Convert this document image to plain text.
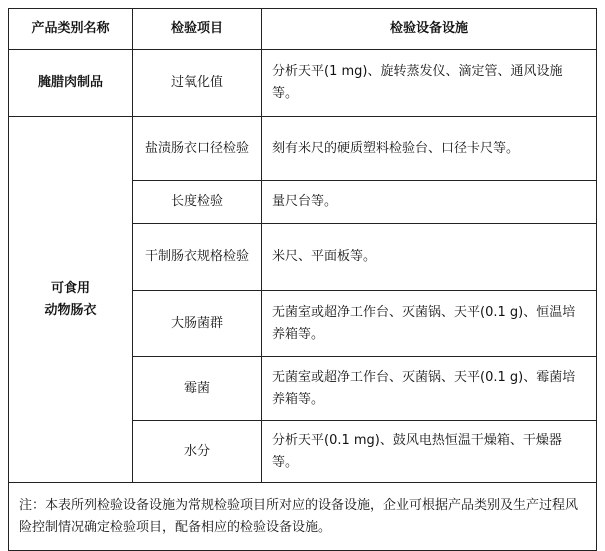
产品类别名称	检验项目	检验设备设施
腌腊肉制品	过氧化值	分析天平(1 mg)、旋转蒸发仪、滴定管、通风设施等。

可食用
动物肠衣	盐渍肠衣口径检验	刻有米尺的硬质塑料检验台、口径卡尺等。
	长度检验	量尺台等。
	干制肠衣规格检验	米尺、平面板等。
	大肠菌群	无菌室或超净工作台、灭菌锅、天平(0.1 g)、恒温培养箱等。
	霉菌	无菌室或超净工作台、灭菌锅、天平(0.1 g)、霉菌培养箱等。
	水分	分析天平(0.1 mg)、鼓风电热恒温干燥箱、干燥器等。
注：本表所列检验设备设施为常规检验项目所对应的设备设施，企业可根据产品类别及生产过程风险控制情况确定检验项目，配备相应的检验设备设施。		
